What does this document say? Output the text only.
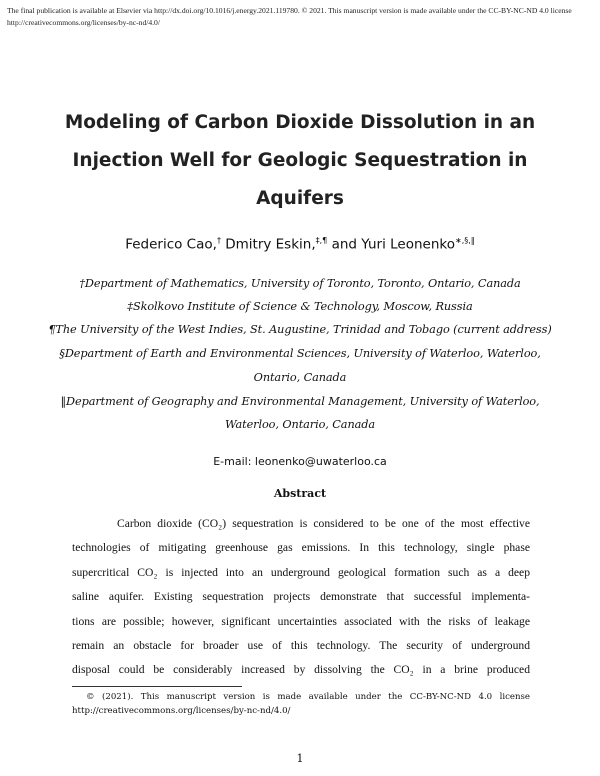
The final publication is available at Elsevier via http://dx.doi.org/10.1016/j.energy.2021.119780. © 2021. This manuscript version is made available under the CC-BY-NC-ND 4.0 license
http://creativecommons.org/licenses/by-nc-nd/4.0/
Modeling of Carbon Dioxide Dissolution in an
Injection Well for Geologic Sequestration in
Aquifers
Federico Cao,† Dmitry Eskin,‡,¶ and Yuri Leonenko∗,§,‖
†Department of Mathematics, University of Toronto, Toronto, Ontario, Canada
‡Skolkovo Institute of Science & Technology, Moscow, Russia
¶The University of the West Indies, St. Augustine, Trinidad and Tobago (current address)
§Department of Earth and Environmental Sciences, University of Waterloo, Waterloo,
Ontario, Canada
‖Department of Geography and Environmental Management, University of Waterloo,
Waterloo, Ontario, Canada
E-mail: leonenko@uwaterloo.ca
Abstract
Carbon dioxide (CO₂) sequestration is considered to be one of the most effective
technologies of mitigating greenhouse gas emissions. In this technology, single phase
supercritical CO₂ is injected into an underground geological formation such as a deep
saline aquifer. Existing sequestration projects demonstrate that successful implementa-
tions are possible; however, significant uncertainties associated with the risks of leakage
remain an obstacle for broader use of this technology. The security of underground
disposal could be considerably increased by dissolving the CO₂ in a brine produced
© (2021). This manuscript version is made available under the CC-BY-NC-ND 4.0 license
http://creativecommons.org/licenses/by-nc-nd/4.0/
1
